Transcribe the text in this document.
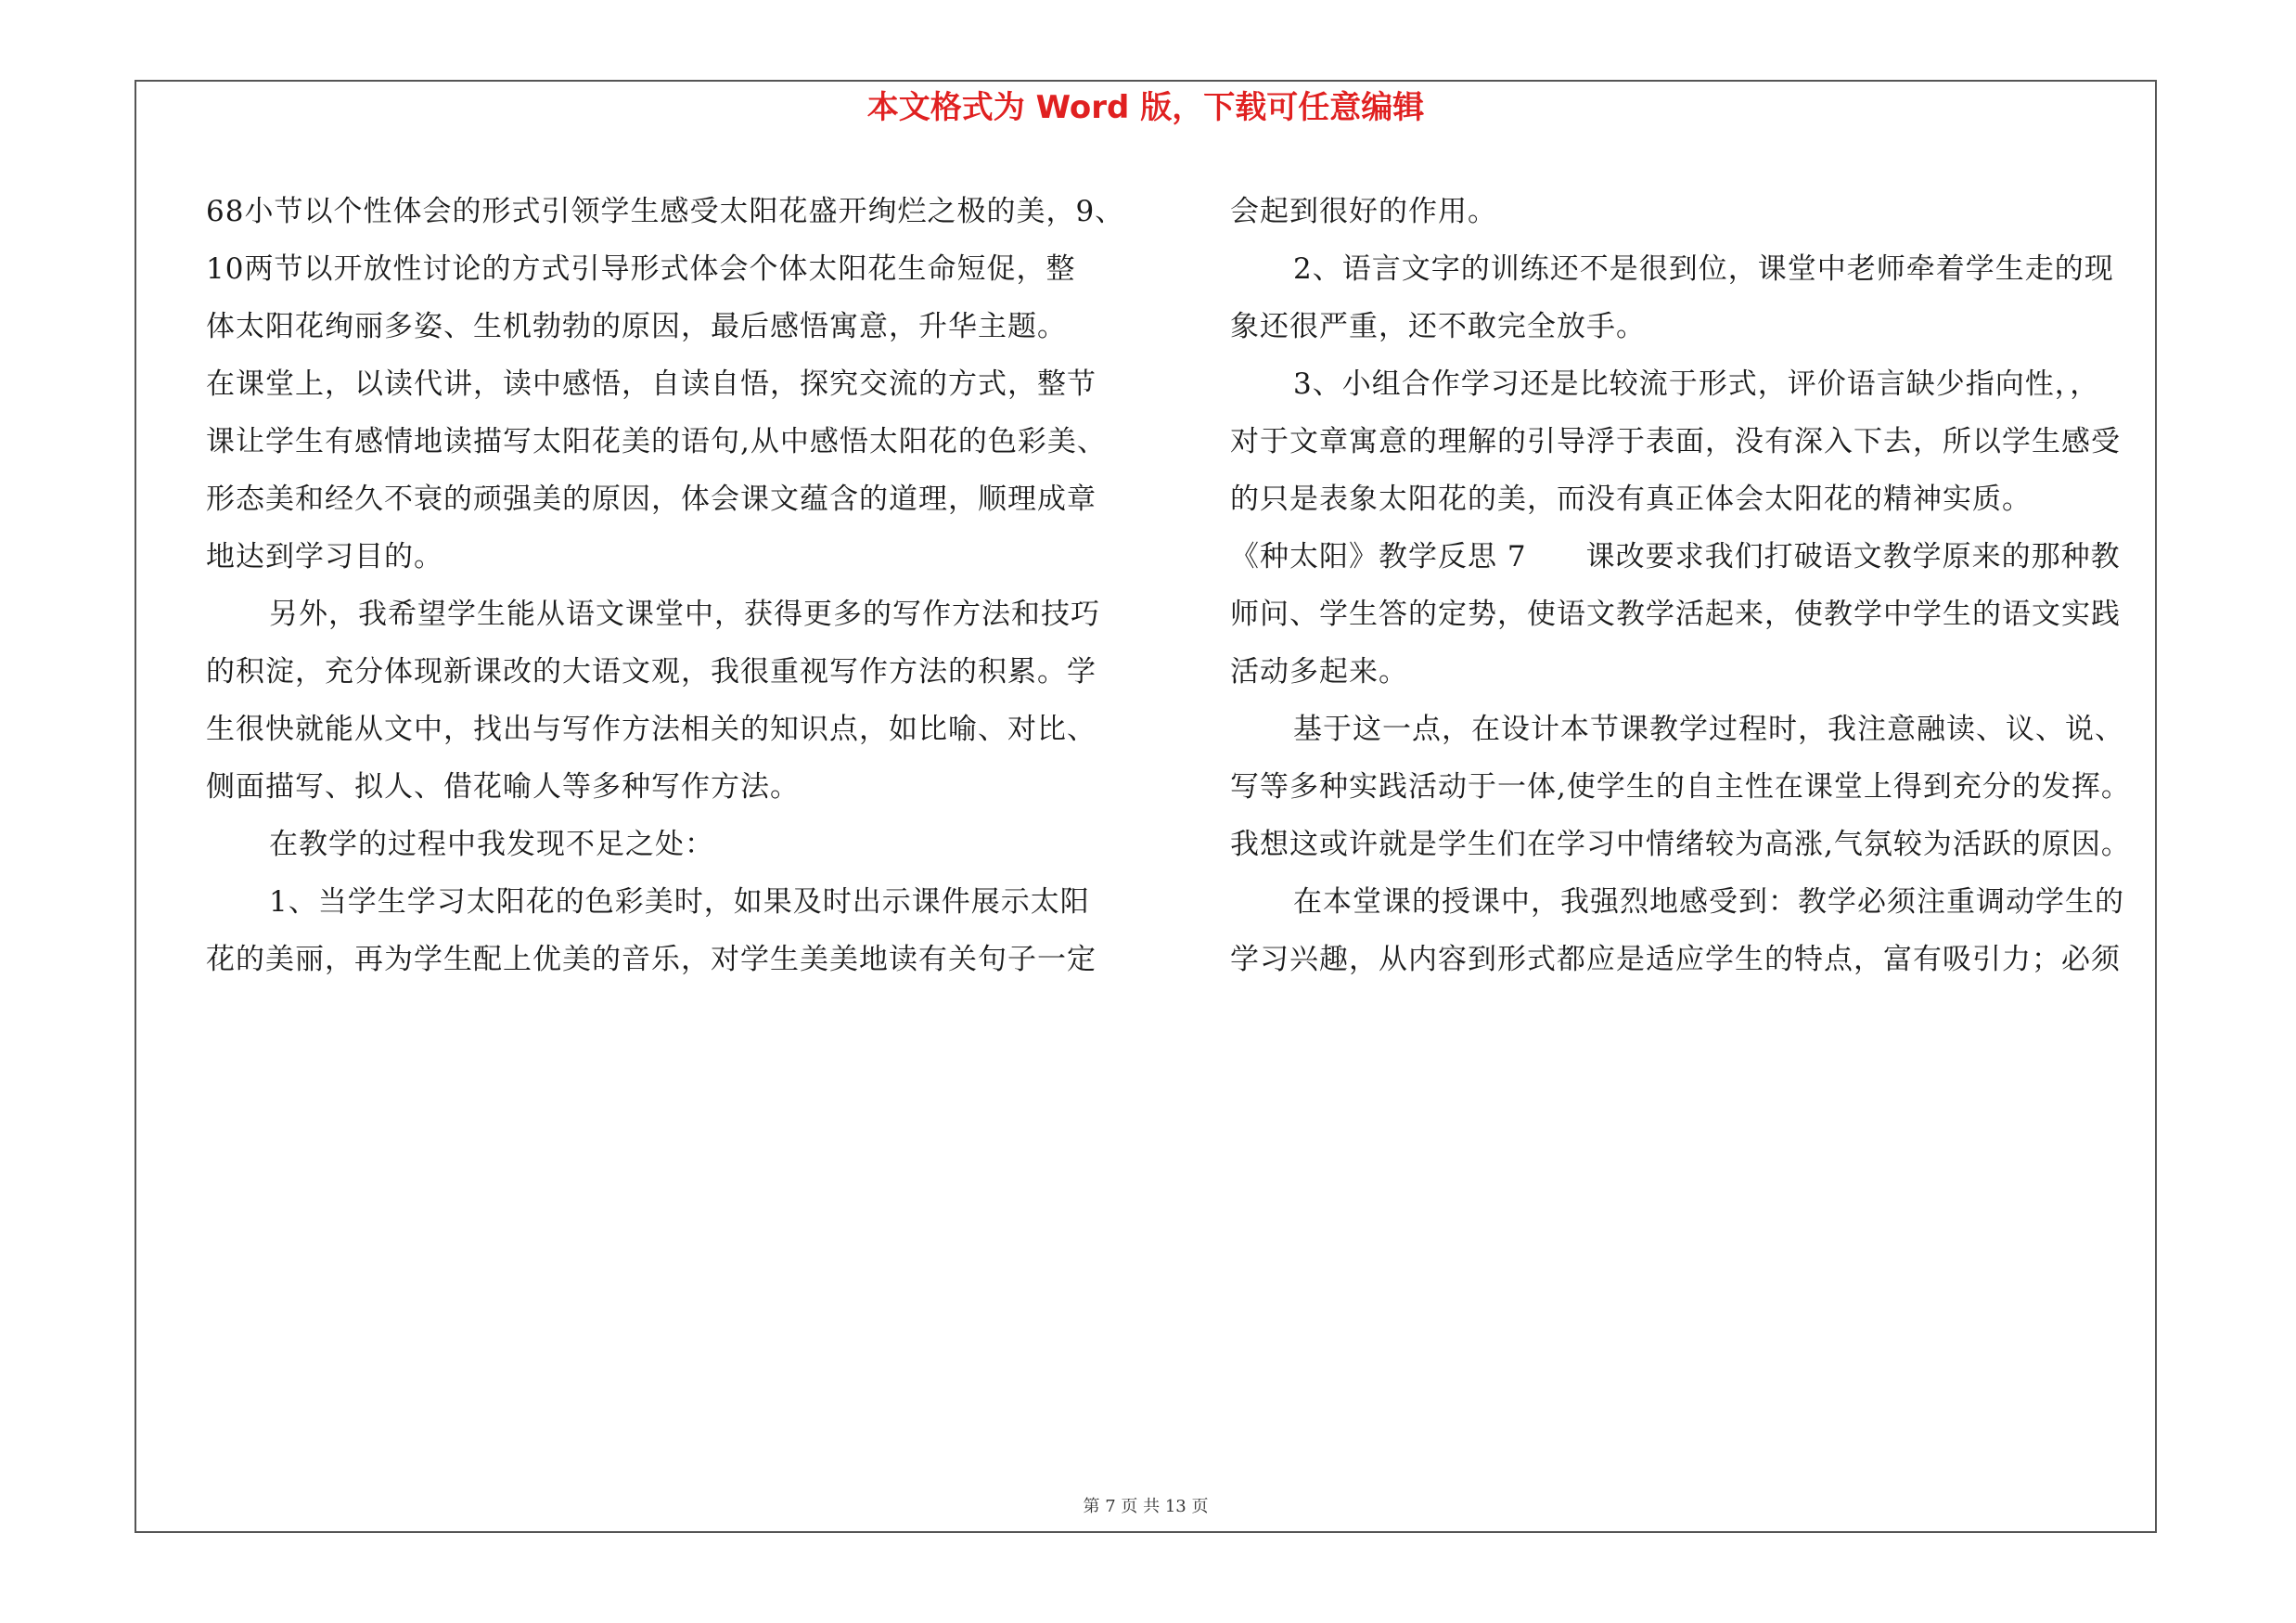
本文格式为 Word 版，下载可任意编辑

68小节以个性体会的形式引领学生感受太阳花盛开绚烂之极的美，9、

10两节以开放性讨论的方式引导形式体会个体太阳花生命短促，整

体太阳花绚丽多姿、生机勃勃的原因，最后感悟寓意，升华主题。

在课堂上，以读代讲，读中感悟，自读自悟，探究交流的方式，整节

课让学生有感情地读描写太阳花美的语句,从中感悟太阳花的色彩美、

形态美和经久不衰的顽强美的原因，体会课文蕴含的道理，顺理成章

地达到学习目的。

另外，我希望学生能从语文课堂中，获得更多的写作方法和技巧

的积淀，充分体现新课改的大语文观，我很重视写作方法的积累。学

生很快就能从文中，找出与写作方法相关的知识点，如比喻、对比、

侧面描写、拟人、借花喻人等多种写作方法。

在教学的过程中我发现不足之处：

1、当学生学习太阳花的色彩美时，如果及时出示课件展示太阳

花的美丽，再为学生配上优美的音乐，对学生美美地读有关句子一定

会起到很好的作用。

2、语言文字的训练还不是很到位，课堂中老师牵着学生走的现

象还很严重，还不敢完全放手。

3、小组合作学习还是比较流于形式，评价语言缺少指向性，，

对于文章寓意的理解的引导浮于表面，没有深入下去，所以学生感受

的只是表象太阳花的美，而没有真正体会太阳花的精神实质。

《种太阳》教学反思 7　　课改要求我们打破语文教学原来的那种教

师问、学生答的定势，使语文教学活起来，使教学中学生的语文实践

活动多起来。

基于这一点，在设计本节课教学过程时，我注意融读、议、说、

写等多种实践活动于一体,使学生的自主性在课堂上得到充分的发挥。

我想这或许就是学生们在学习中情绪较为高涨,气氛较为活跃的原因。

在本堂课的授课中，我强烈地感受到：教学必须注重调动学生的

学习兴趣，从内容到形式都应是适应学生的特点，富有吸引力；必须

第 7 页 共 13 页
